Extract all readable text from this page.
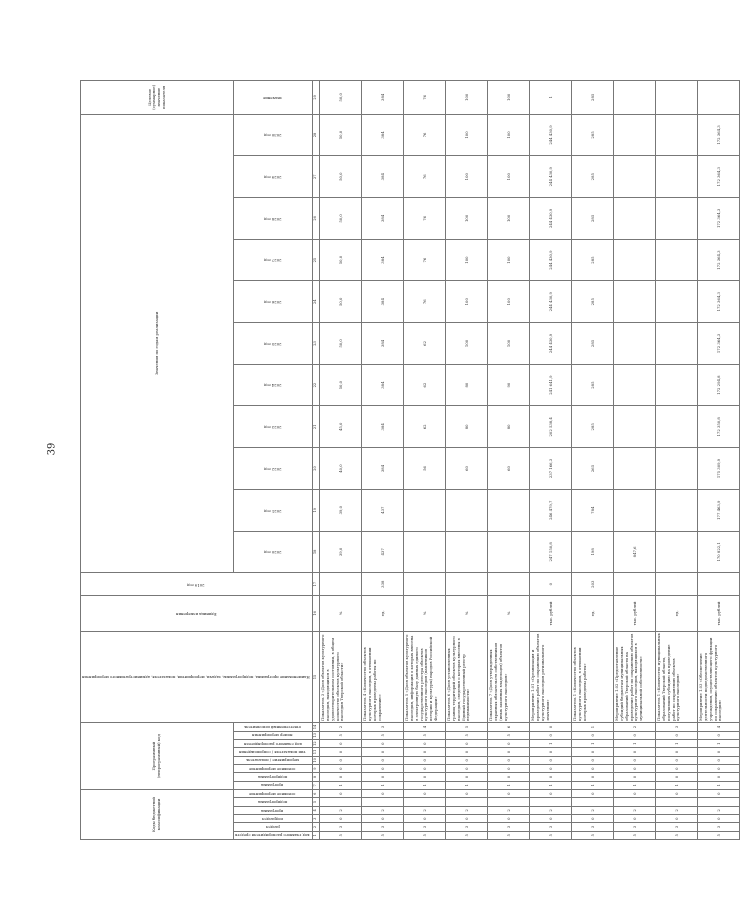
39
Коды бюджетной классификации						Программный (непрограммный) код								Наименование программы, подпрограммы, задачи, мероприятия, показателя, административного мероприятия	Единица измерения	2019 год	Значения по годам реализации											Целевое (суммарное) значение показателя
код главного распорядителя средств	раздел	подраздел	программа	подпрограмма	основное мероприятие	программа	подпрограмма	основное мероприятие	мероприятие / показатель	тип показателя / сопровождения	код главного распорядителя	номер мероприятия	ответственный исполнитель				2020 год	2021 год	2022 год	2023 год	2024 год	2025 год	2026 год	2027 год	2028 год	2029 год	2030 год	значение
1	2	3	4	5	6	7	8	9	10	11	12	13	14	15	16	17	18	19	20	21	22	23	24	25	26	27	28	29
5	3	0	2		0	1	0	0	0	0	0	5	2	Показатель 3 «Доля объектов культурного наследия, находящихся в удовлетворительном состоянии, в общем количестве объектов культурного наследия Тверской области»	%		39,0	39,0	40,0	45,0	50,0	50,0	50,0	50,0	50,0	50,0	50,0	50,0
5	3	0	2		0	1	0	0	0	0	0	5	3	Показатель 4 «Количество объектов культурного наследия, в отношении которых проведены работы по сохранению»	ед.	338	437	437	384	384	384	384	384	384	384	384	384	384
5	3	0	2		0	1	0	0	0	0	0	5	4	Показатель 5 «Доля объектов культурного наследия, информация о которых внесена в электронную базу данных единого государственного реестра объектов культурного наследия (памятников истории и культуры) народов Российской Федерации»	%				56	62	62	62	76	76	76	76	76	76
5	3	0	2		0	1	0	0	0	0	0	5	5	Показатель 6 «Доля установленных границ территорий объектов культурного наследия, сведения о которых внесены в Единый государственный реестр недвижимости»	%				60	80	80	100	100	100	100	100	100	100
5	3	0	2		0	1	0	0	0	0	0	5	6	Показатель 7 «Доля утвержденных охранных обязательств собственников (иных законных владельцев) объектов культурного наследия»	%				60	80	90	100	100	100	100	100	100	100
5	3	0	2		0	1	0	0	0	0	1	0	0	Мероприятие 1.01 «Организация и проведение работ по сохранению объектов культурного наследия регионального значения»	тыс. рублей	0	247 150,8	246 479,7	237 166,3	202 538,4	241 641,9	244 430,9	244 430,9	244 430,9	244 430,9	244 430,9	244 430,9	1
5	3	0	2		0	1	0	0	0	0	1	0	1	Показатель 1 «Количество объектов культурного наследия, в отношении которых проведены работы»	ед.	203	198	784	265	285	285	285	285	285	285	285	285	285
5	3	0	2		0	1	0	0	0	0	1	0	2	Мероприятие 1.02 «Предоставление субсидий бюджетам муниципальных образований Тверской области на проведение работ по сохранению объектов культурного наследия, находящихся в муниципальной собственности»	тыс. рублей		847,6											
5	3	0	2		0	1	0	0	0	0	1	0	3	Показатель 1 «Количество муниципальных образований Тверской области, получивших субсидию на проведение работ по сохранению объектов культурного наследия»	ед.													
5	3	0	2		0	1	0	0	0	0	1	0	4	Мероприятие 1.03 «Обеспечение деятельности подведомственного учреждения, осуществляющего функции по сохранению объектов культурного наследия»	тыс. рублей		170 822,1	177 463,9	175 309,9	172 350,8	172 294,8	172 364,3	172 364,3	172 364,3	172 364,3	172 364,3	172 364,3	
